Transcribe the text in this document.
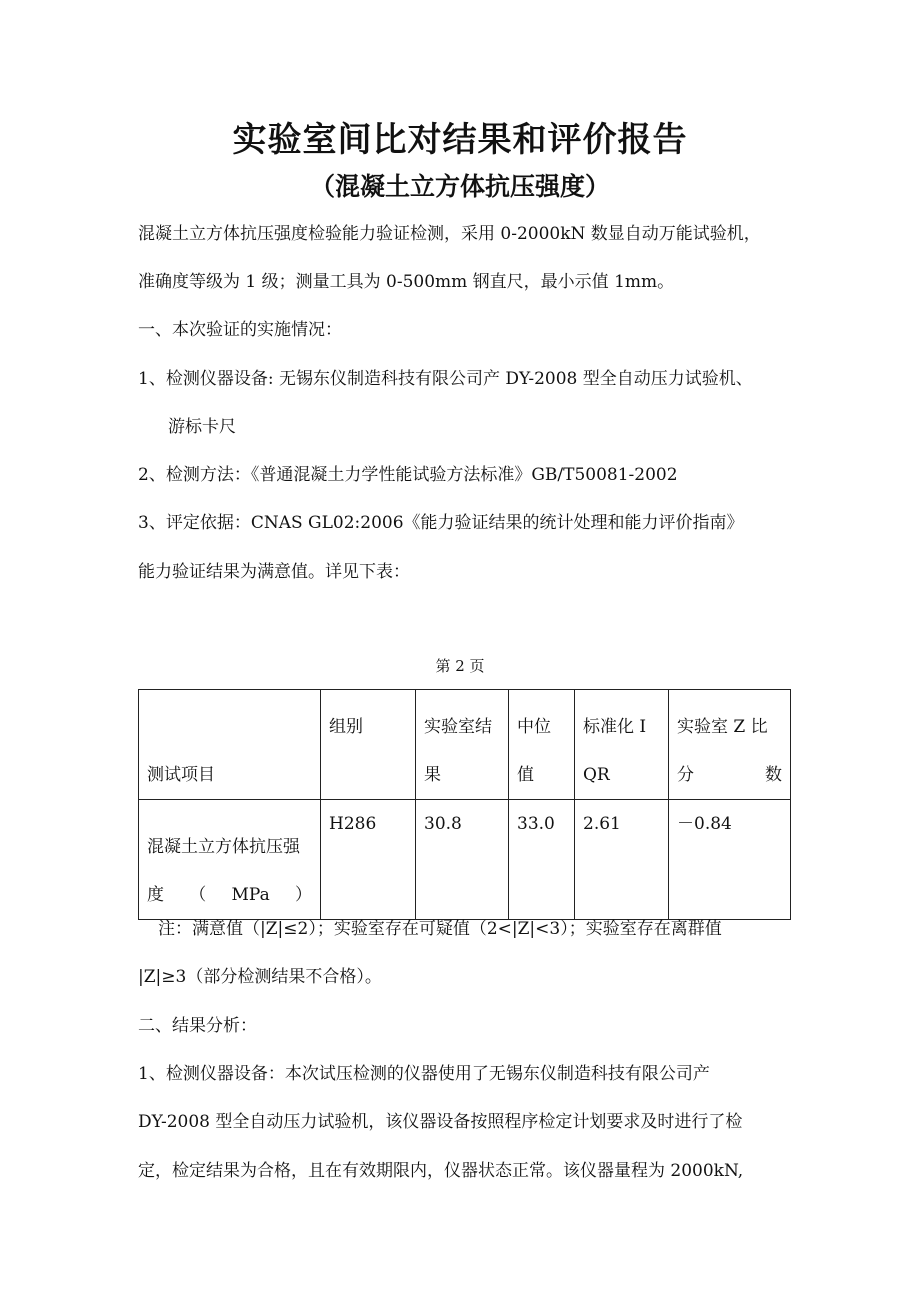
实验室间比对结果和评价报告
（混凝土立方体抗压强度）
混凝土立方体抗压强度检验能力验证检测，采用 0-2000kN 数显自动万能试验机，
准确度等级为 1 级；测量工具为 0-500mm 钢直尺，最小示值 1mm。
一、本次验证的实施情况：
1、检测仪器设备: 无锡东仪制造科技有限公司产 DY-2008 型全自动压力试验机、
游标卡尺
2、检测方法：《普通混凝土力学性能试验方法标准》GB/T50081-2002
3、评定依据：CNAS GL02:2006《能力验证结果的统计处理和能力评价指南》
能力验证结果为满意值。详见下表：
第 2 页
测试项目	组别	实验室结果	中位值	标准化 IQR	实验室 Z 比分数

混凝土立方体抗压强度（MPa）	H286	30.8	33.0	2.61	－0.84
注：满意值（|Z|≤2）；实验室存在可疑值（2<|Z|<3）；实验室存在离群值
|Z|≥3（部分检测结果不合格）。
二、结果分析：
1、检测仪器设备：本次试压检测的仪器使用了无锡东仪制造科技有限公司产
DY-2008 型全自动压力试验机，该仪器设备按照程序检定计划要求及时进行了检
定，检定结果为合格，且在有效期限内，仪器状态正常。该仪器量程为 2000kN,
